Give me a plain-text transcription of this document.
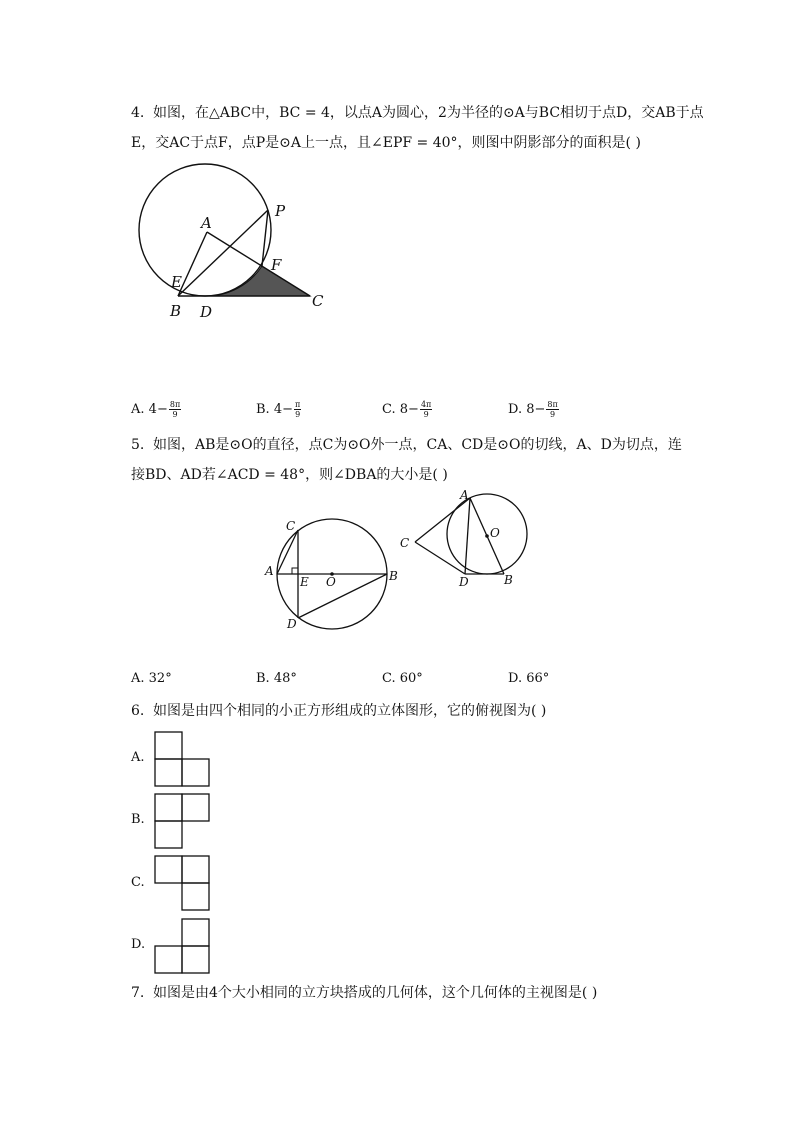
4. 如图，在△ABC中，BC = 4，以点A为圆心，2为半径的⊙A与BC相切于点D，交AB于点
E，交AC于点F，点P是⊙A上一点，且∠EPF = 40°，则图中阴影部分的面积是( )
A
P
E
F
B D
C
A. $4- \frac{8\pi}{9}$	B. $4- \frac{\pi}{9}$	C. $8- \frac{4\pi}{9}$	D. $8- \frac{8\pi}{9}$
5. 如图，AB是⊙O的直径，点C为⊙O外一点，CA、CD是⊙O的切线，A、D为切点，连
接BD、AD若∠ACD = 48°，则∠DBA的大小是( )
C
A
E O	B
D
A
O
C
D	B
A. 32°	B. 48°	C. 60°	D. 66°
6. 如图是由四个相同的小正方形组成的立体图形，它的俯视图为( )
A.
B.
C.
D.
7. 如图是由4个大小相同的立方块搭成的几何体，这个几何体的主视图是( )
